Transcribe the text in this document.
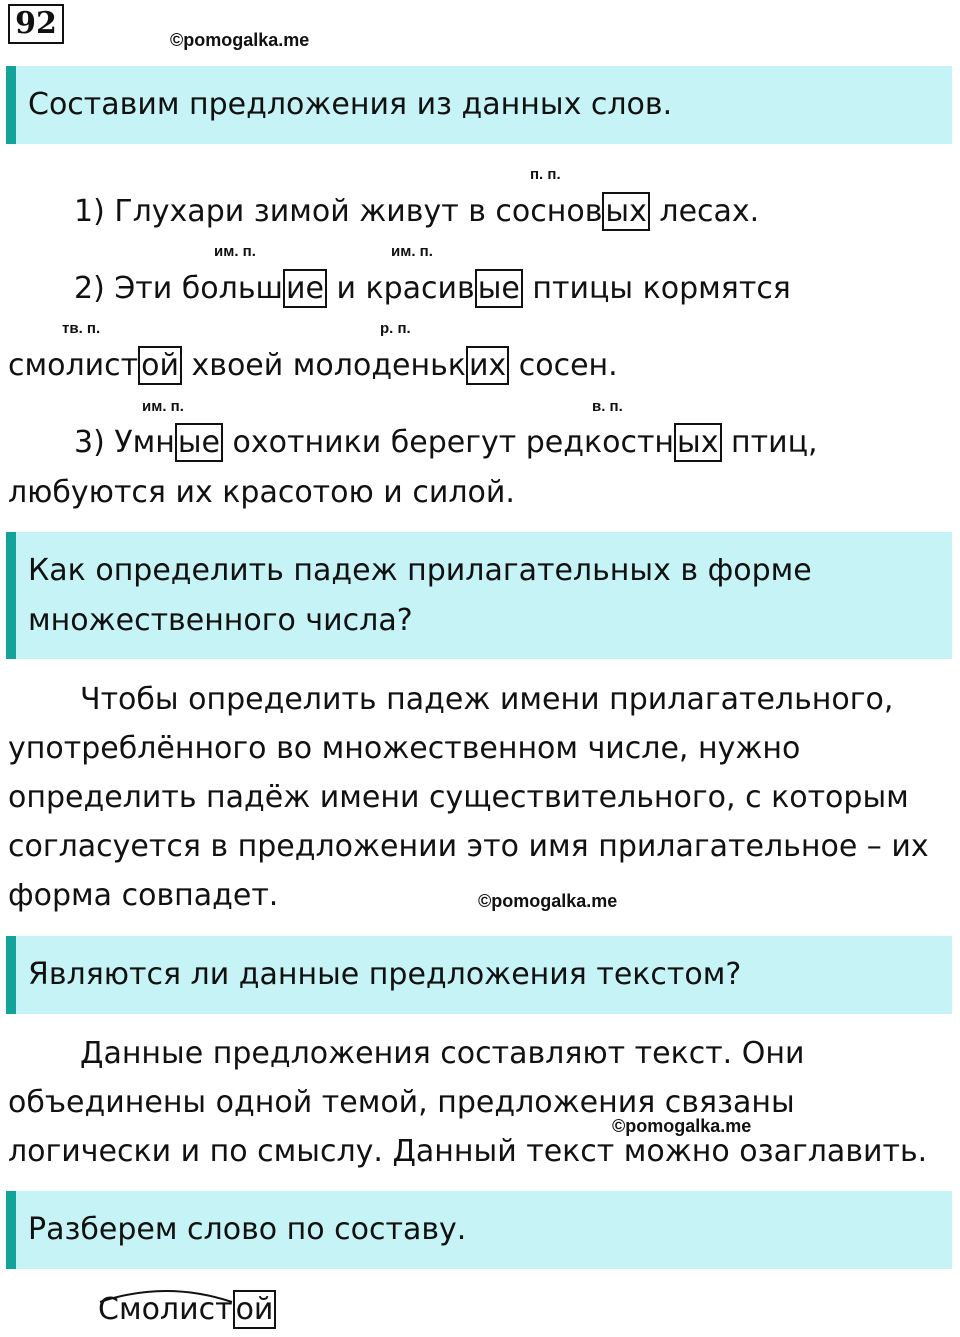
92	©pomogalka.me
Составим предложения из данных слов.
п. п.
им. п.	им. п.
тв. п.	р. п.
им. п.	в. п.
1) Глухари зимой живут в соснов ых лесах.
2) Эти больш ие и красив ые птицы кормятся
смолист ой хвоей молоденьк их сосен.
3) Умн ые охотники берегут редкостн ых птиц,
любуются их красотою и силой.
Как определить падеж прилагательных в форме
множественного числа?
Чтобы определить падеж имени прилагательного,
употреблённого во множественном числе, нужно
определить падёж имени существительного, с которым
согласуется в предложении это имя прилагательное – их
форма совпадет.	©pomogalka.me
Являются ли данные предложения текстом?
Данные предложения составляют текст. Они
объединены одной темой, предложения связаны
логически и по смыслу. Данный текст можно озаглавить.
©pomogalka.me
Разберем слово по составу.
Смолист ой
